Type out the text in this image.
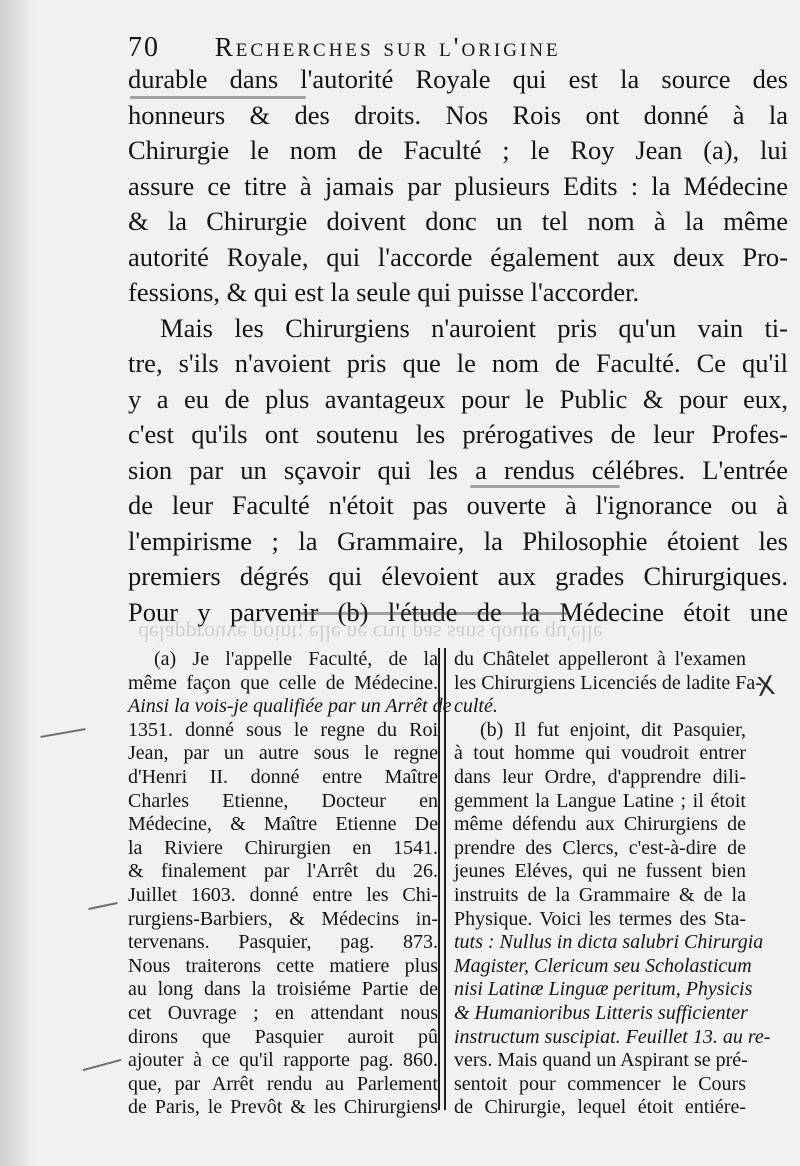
70 Recherches sur l'origine
durable dans l'autorité Royale qui est la source des
honneurs & des droits. Nos Rois ont donné à la
Chirurgie le nom de Faculté ; le Roy Jean (a), lui
assure ce titre à jamais par plusieurs Edits : la Médecine
& la Chirurgie doivent donc un tel nom à la même
autorité Royale, qui l'accorde également aux deux Pro-
fessions, & qui est la seule qui puisse l'accorder.
Mais les Chirurgiens n'auroient pris qu'un vain ti-
tre, s'ils n'avoient pris que le nom de Faculté. Ce qu'il
y a eu de plus avantageux pour le Public & pour eux,
c'est qu'ils ont soutenu les prérogatives de leur Profes-
sion par un sçavoir qui les a rendus célébres. L'entrée
de leur Faculté n'étoit pas ouverte à l'ignorance ou à
l'empirisme ; la Grammaire, la Philosophie étoient les
premiers dégrés qui élevoient aux grades Chirurgiques.
Pour y parvenir (b) l'étude de la Médecine étoit une
delapprouve point; elle ne crut pas sans doute qu'elle
(a) Je l'appelle Faculté, de la
même façon que celle de Médecine.
Ainsi la vois-je qualifiée par un Arrêt de
1351. donné sous le regne du Roi
Jean, par un autre sous le regne
d'Henri II. donné entre Maître
Charles Etienne, Docteur en
Médecine, & Maître Etienne De
la Riviere Chirurgien en 1541.
& finalement par l'Arrêt du 26.
Juillet 1603. donné entre les Chi-
rurgiens-Barbiers, & Médecins in-
tervenans. Pasquier, pag. 873.
Nous traiterons cette matiere plus
au long dans la troisiéme Partie de
cet Ouvrage ; en attendant nous
dirons que Pasquier auroit pû
ajouter à ce qu'il rapporte pag. 860.
que, par Arrêt rendu au Parlement
de Paris, le Prevôt & les Chirurgiens
du Châtelet appelleront à l'examen
les Chirurgiens Licenciés de ladite Fa-
culté.
(b) Il fut enjoint, dit Pasquier,
à tout homme qui voudroit entrer
dans leur Ordre, d'apprendre dili-
gemment la Langue Latine ; il étoit
même défendu aux Chirurgiens de
prendre des Clercs, c'est-à-dire de
jeunes Eléves, qui ne fussent bien
instruits de la Grammaire & de la
Physique. Voici les termes des Sta-
tuts : Nullus in dicta salubri Chirurgia
Magister, Clericum seu Scholasticum
nisi Latinæ Linguæ peritum, Physicis
& Humanioribus Litteris sufficienter
instructum suscipiat. Feuillet 13. au re-
vers. Mais quand un Aspirant se pré-
sentoit pour commencer le Cours
de Chirurgie, lequel étoit entiére-
X
